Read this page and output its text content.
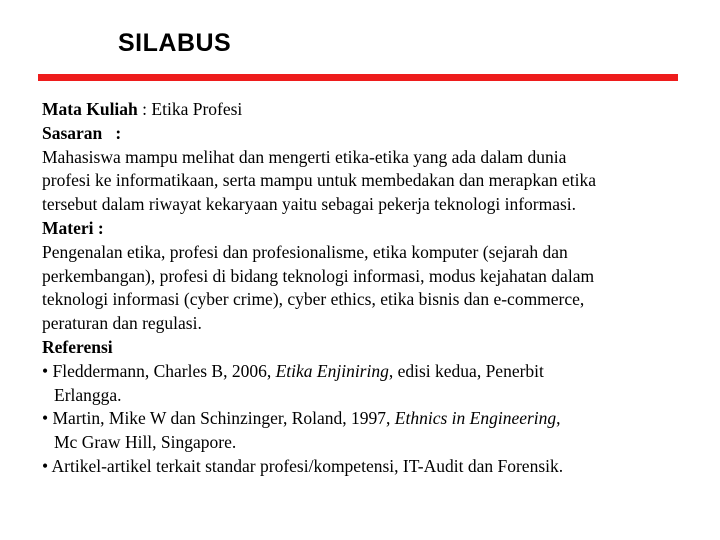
SILABUS
Mata Kuliah : Etika Profesi
Sasaran   :
Mahasiswa mampu melihat dan mengerti etika-etika yang ada dalam dunia
profesi ke informatikaan, serta mampu untuk membedakan dan merapkan etika
tersebut dalam riwayat kekaryaan yaitu sebagai pekerja teknologi informasi.
Materi :
Pengenalan etika, profesi dan profesionalisme, etika komputer (sejarah dan
perkembangan), profesi di bidang teknologi informasi, modus kejahatan dalam
teknologi informasi (cyber crime), cyber ethics, etika bisnis dan e-commerce,
peraturan dan regulasi.
Referensi
• Fleddermann, Charles B, 2006, Etika Enjiniring, edisi kedua, Penerbit
Erlangga.
• Martin, Mike W dan Schinzinger, Roland, 1997, Ethnics in Engineering,
Mc Graw Hill, Singapore.
• Artikel-artikel terkait standar profesi/kompetensi, IT-Audit dan Forensik.
